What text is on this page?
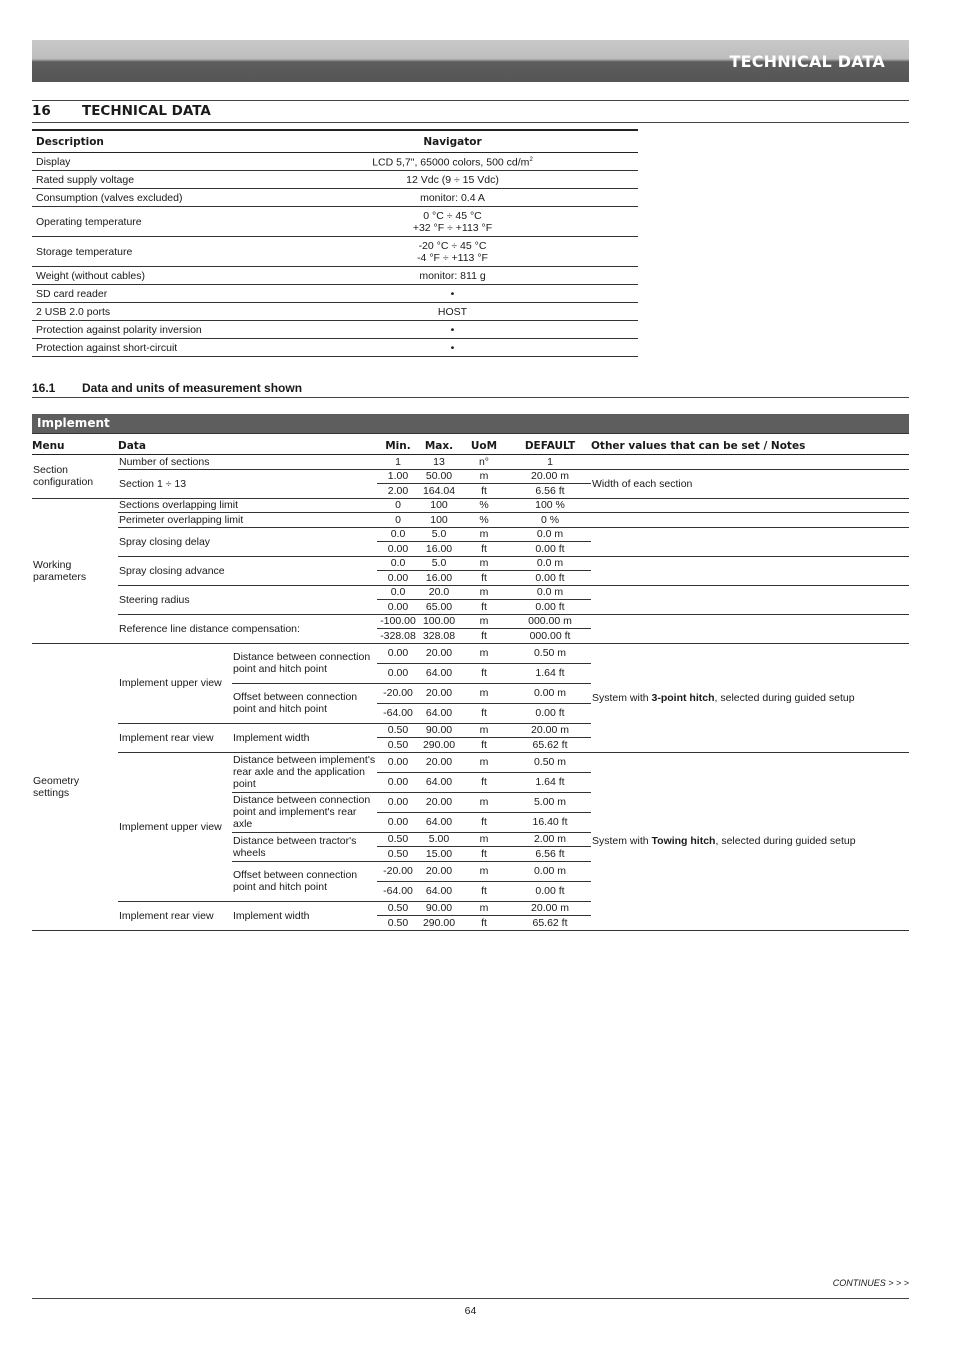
TECHNICAL DATA
16 TECHNICAL DATA
Description	Navigator
Display	LCD 5,7", 65000 colors, 500 $cd/m^2$
Rated supply voltage	12 Vdc (9 ÷ 15 Vdc)
Consumption (valves excluded)	monitor: 0.4 A
Operating temperature	0 °C ÷ 45 °C
+32 °F ÷ +113 °F

Storage temperature	-20 °C ÷ 45 °C
-4 °F ÷ +113 °F

Weight (without cables)	monitor: 811 g
SD card reader	•
2 USB 2.0 ports	HOST
Protection against polarity inversion	•
Protection against short-circuit	•
16.1 Data and units of measurement shown
Implement
Menu	Data		Min.	Max.	UoM	DEFAULT	Other values that can be set / Notes
Section configuration	Number of sections		1	13	n°	1	
	Section 1 ÷ 13		1.00	50.00	m	20.00 m	Width of each section
			2.00	164.04	ft	6.56 ft	
Working parameters	Sections overlapping limit		0	100	%	100 %	
	Perimeter overlapping limit		0	100	%	0 %	
	Spray closing delay		0.0	5.0	m	0.0 m	
			0.00	16.00	ft	0.00 ft	
	Spray closing advance		0.0	5.0	m	0.0 m	
			0.00	16.00	ft	0.00 ft	
	Steering radius		0.0	20.0	m	0.0 m	
			0.00	65.00	ft	0.00 ft	
	Reference line distance compensation:		-100.00	100.00	m	000.00 m	
			-328.08	328.08	ft	000.00 ft	
Geometry settings	Implement upper view	Distance between connection point and hitch point	0.00	20.00	m	0.50 m	System with 3-point hitch, selected during guided setup
			0.00	64.00	ft	1.64 ft	
		Offset between connection point and hitch point	-20.00	20.00	m	0.00 m	
			-64.00	64.00	ft	0.00 ft	
	Implement rear view	Implement width	0.50	90.00	m	20.00 m	
			0.50	290.00	ft	65.62 ft	
	Implement upper view	Distance between implement's rear axle and the application point	0.00	20.00	m	0.50 m	System with Towing hitch, selected during guided setup
			0.00	64.00	ft	1.64 ft	
		Distance between connection point and implement's rear axle	0.00	20.00	m	5.00 m	
			0.00	64.00	ft	16.40 ft	
		Distance between tractor's wheels	0.50	5.00	m	2.00 m	
			0.50	15.00	ft	6.56 ft	
		Offset between connection point and hitch point	-20.00	20.00	m	0.00 m	
			-64.00	64.00	ft	0.00 ft	
	Implement rear view	Implement width	0.50	90.00	m	20.00 m	
			0.50	290.00	ft	65.62 ft	
CONTINUES > > >
64
